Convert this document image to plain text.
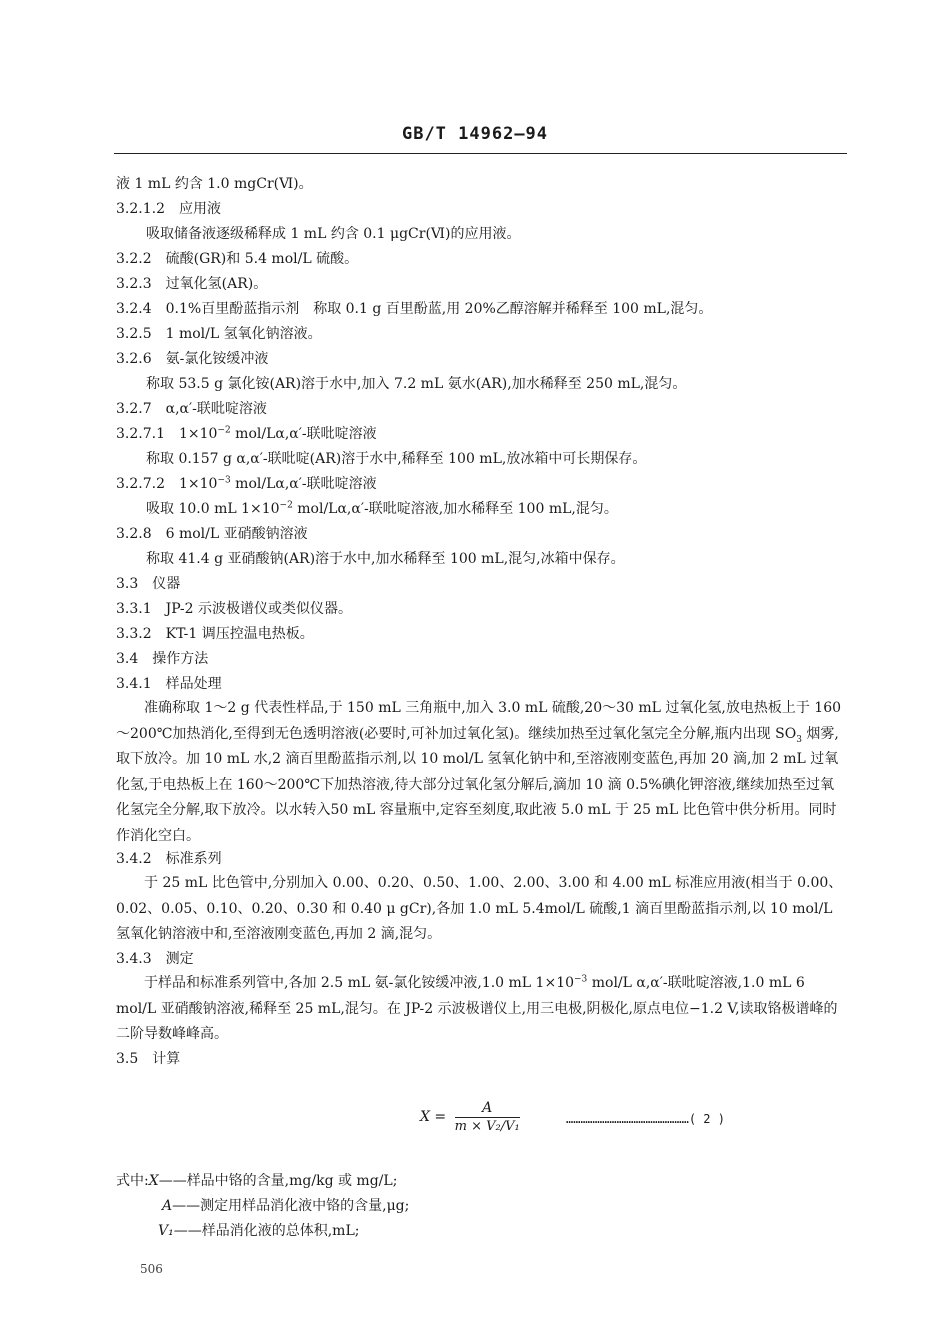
GB/T 14962—94
液 1 mL 约含 1.0 mgCr(Ⅵ)。
3.2.1.2　应用液
吸取储备液逐级稀释成 1 mL 约含 0.1 μgCr(Ⅵ)的应用液。
3.2.2　硫酸(GR)和 5.4 mol/L 硫酸。
3.2.3　过氧化氢(AR)。
3.2.4　0.1%百里酚蓝指示剂　称取 0.1 g 百里酚蓝,用 20%乙醇溶解并稀释至 100 mL,混匀。
3.2.5　1 mol/L 氢氧化钠溶液。
3.2.6　氨-氯化铵缓冲液
称取 53.5 g 氯化铵(AR)溶于水中,加入 7.2 mL 氨水(AR),加水稀释至 250 mL,混匀。
3.2.7　α,α′-联吡啶溶液
3.2.7.1　$1\times 10^{-2}$ mol/Lα,α′-联吡啶溶液
称取 0.157 g α,α′-联吡啶(AR)溶于水中,稀释至 100 mL,放冰箱中可长期保存。
3.2.7.2　$1\times 10^{-3}$ mol/Lα,α′-联吡啶溶液
吸取 10.0 mL $1\times 10^{-2}$ mol/Lα,α′-联吡啶溶液,加水稀释至 100 mL,混匀。
3.2.8　6 mol/L 亚硝酸钠溶液
称取 41.4 g 亚硝酸钠(AR)溶于水中,加水稀释至 100 mL,混匀,冰箱中保存。
3.3　仪器
3.3.1　JP-2 示波极谱仪或类似仪器。
3.3.2　KT-1 调压控温电热板。
3.4　操作方法
3.4.1　样品处理
准确称取 1～2 g 代表性样品,于 150 mL 三角瓶中,加入 3.0 mL 硫酸,20～30 mL 过氧化氢,放电热板上于 160～200℃加热消化,至得到无色透明溶液(必要时,可补加过氧化氢)。继续加热至过氧化氢完全分解,瓶内出现 $SO_3$ 烟雾,取下放冷。加 10 mL 水,2 滴百里酚蓝指示剂,以 10 mol/L 氢氧化钠中和,至溶液刚变蓝色,再加 20 滴,加 2 mL 过氧化氢,于电热板上在 160～200℃下加热溶液,待大部分过氧化氢分解后,滴加 10 滴 0.5%碘化钾溶液,继续加热至过氧化氢完全分解,取下放冷。以水转入50 mL 容量瓶中,定容至刻度,取此液 5.0 mL 于 25 mL 比色管中供分析用。同时作消化空白。
3.4.2　标准系列
于 25 mL 比色管中,分别加入 0.00、0.20、0.50、1.00、2.00、3.00 和 4.00 mL 标准应用液(相当于 0.00、0.02、0.05、0.10、0.20、0.30 和 0.40 μ gCr),各加 1.0 mL 5.4mol/L 硫酸,1 滴百里酚蓝指示剂,以 10 mol/L 氢氧化钠溶液中和,至溶液刚变蓝色,再加 2 滴,混匀。
3.4.3　测定
于样品和标准系列管中,各加 2.5 mL 氨-氯化铵缓冲液,1.0 mL $1\times 10^{-3}$ mol/L α,α′-联吡啶溶液,1.0 mL 6 mol/L 亚硝酸钠溶液,稀释至 25 mL,混匀。在 JP-2 示波极谱仪上,用三电极,阴极化,原点电位−1.2 V,读取铬极谱峰的二阶导数峰峰高。
3.5　计算
$X = \frac{A}{\text{m × V₂/V₁}}$	……………………………………………( 2 )
式中:X——样品中铬的含量,mg/kg 或 mg/L;
A——测定用样品消化液中铬的含量,μg;
V₁——样品消化液的总体积,mL;
506
